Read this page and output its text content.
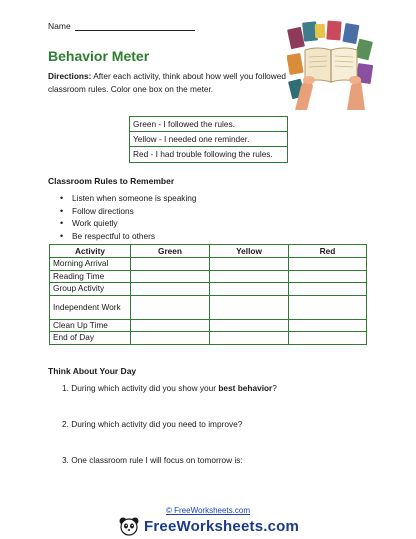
Name
Behavior Meter
Directions: After each activity, think about how well you followed classroom rules. Color one box on the meter.
Green - I followed the rules.
Yellow - I needed one reminder.
Red - I had trouble following the rules.
Classroom Rules to Remember
• Listen when someone is speaking
• Follow directions
• Work quietly
• Be respectful to others
Activity	Green	Yellow	Red
Morning Arrival			
Reading Time			
Group Activity			
Independent Work			
Clean Up Time			
End of Day			
Think About Your Day
1. During which activity did you show your best behavior?
2. During which activity did you need to improve?
3. One classroom rule I will focus on tomorrow is:
© FreeWorksheets.com
FreeWorksheets.com
